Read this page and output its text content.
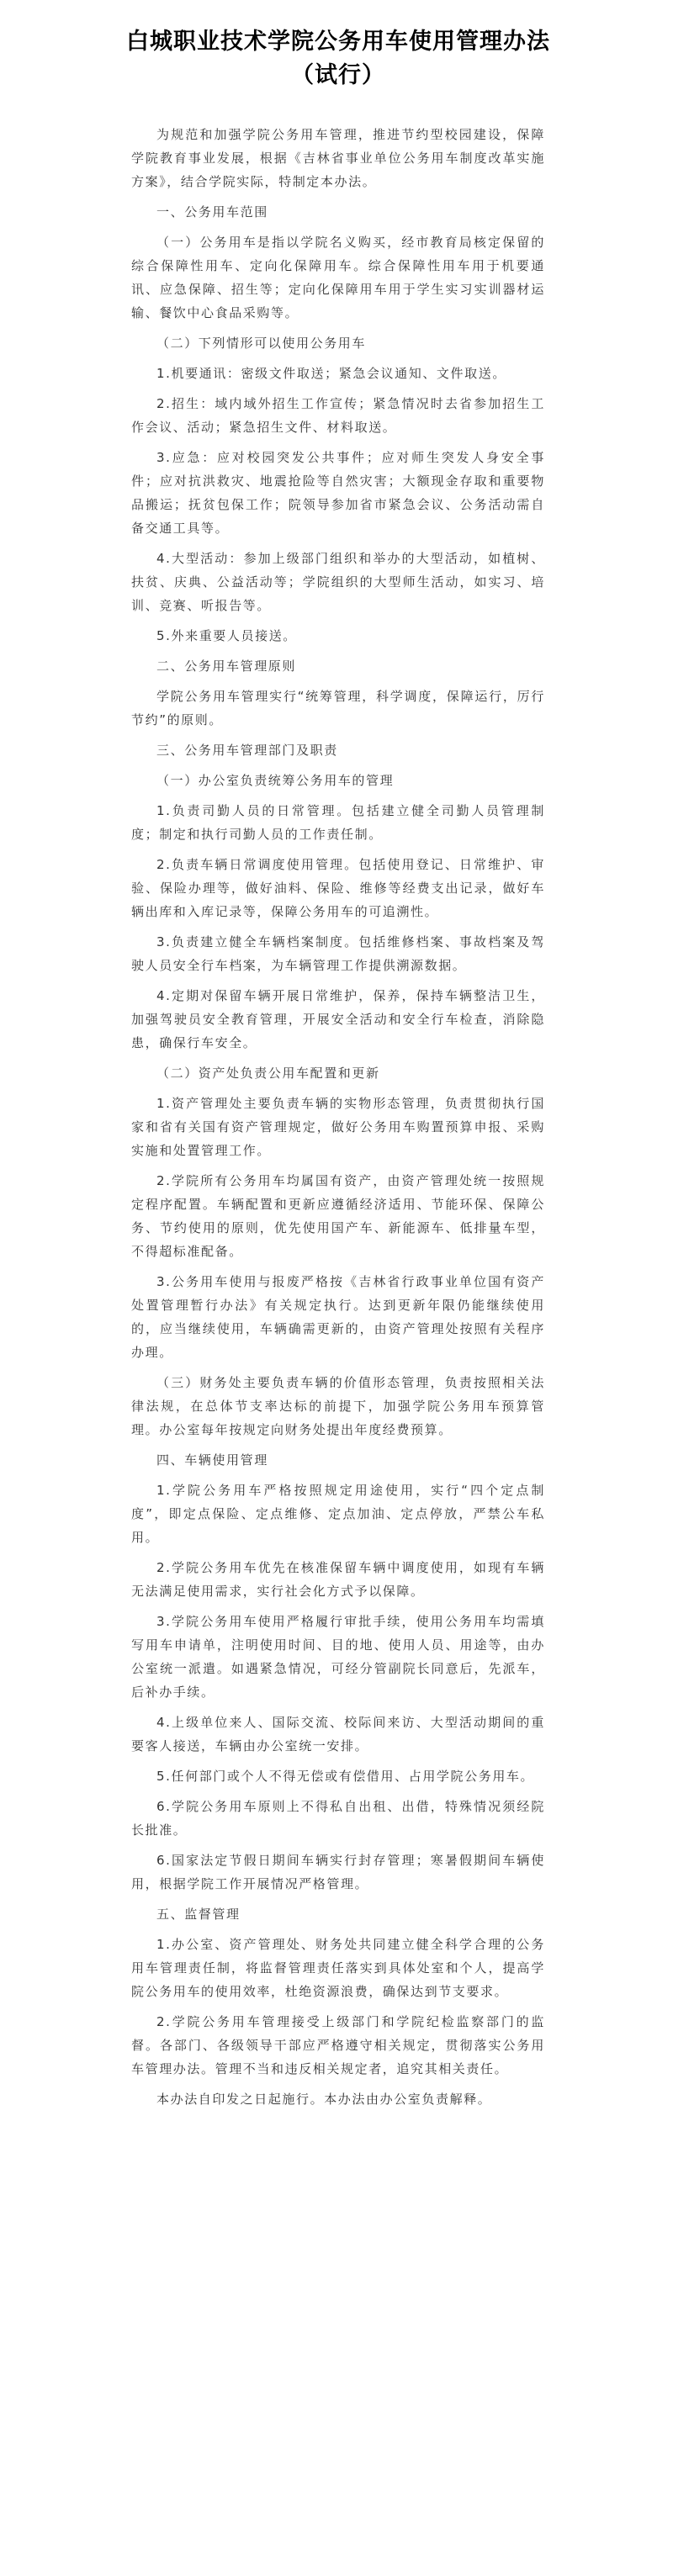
白城职业技术学院公务用车使用管理办法
（试行）

为规范和加强学院公务用车管理，推进节约型校园建设，保障学院教育事业发展，根据《吉林省事业单位公务用车制度改革实施方案》，结合学院实际，特制定本办法。

一、公务用车范围

（一）公务用车是指以学院名义购买，经市教育局核定保留的综合保障性用车、定向化保障用车。综合保障性用车用于机要通讯、应急保障、招生等；定向化保障用车用于学生实习实训器材运输、餐饮中心食品采购等。

（二）下列情形可以使用公务用车

1.机要通讯：密级文件取送；紧急会议通知、文件取送。

2.招生：域内域外招生工作宣传；紧急情况时去省参加招生工作会议、活动；紧急招生文件、材料取送。

3.应急：应对校园突发公共事件；应对师生突发人身安全事件；应对抗洪救灾、地震抢险等自然灾害；大额现金存取和重要物品搬运；抚贫包保工作；院领导参加省市紧急会议、公务活动需自备交通工具等。

4.大型活动：参加上级部门组织和举办的大型活动，如植树、扶贫、庆典、公益活动等；学院组织的大型师生活动，如实习、培训、竞赛、听报告等。

5.外来重要人员接送。

二、公务用车管理原则

学院公务用车管理实行“统筹管理，科学调度，保障运行，厉行节约”的原则。

三、公务用车管理部门及职责

（一）办公室负责统筹公务用车的管理

1.负责司勤人员的日常管理。包括建立健全司勤人员管理制度；制定和执行司勤人员的工作责任制。

2.负责车辆日常调度使用管理。包括使用登记、日常维护、审验、保险办理等，做好油料、保险、维修等经费支出记录，做好车辆出库和入库记录等，保障公务用车的可追溯性。

3.负责建立健全车辆档案制度。包括维修档案、事故档案及驾驶人员安全行车档案，为车辆管理工作提供溯源数据。

4.定期对保留车辆开展日常维护，保养，保持车辆整洁卫生，加强驾驶员安全教育管理，开展安全活动和安全行车检查，消除隐患，确保行车安全。

（二）资产处负责公用车配置和更新

1.资产管理处主要负责车辆的实物形态管理，负责贯彻执行国家和省有关国有资产管理规定，做好公务用车购置预算申报、采购实施和处置管理工作。

2.学院所有公务用车均属国有资产，由资产管理处统一按照规定程序配置。车辆配置和更新应遵循经济适用、节能环保、保障公务、节约使用的原则，优先使用国产车、新能源车、低排量车型，不得超标准配备。

3.公务用车使用与报废严格按《吉林省行政事业单位国有资产处置管理暂行办法》有关规定执行。达到更新年限仍能继续使用的，应当继续使用，车辆确需更新的，由资产管理处按照有关程序办理。

（三）财务处主要负责车辆的价值形态管理，负责按照相关法律法规，在总体节支率达标的前提下，加强学院公务用车预算管理。办公室每年按规定向财务处提出年度经费预算。

四、车辆使用管理

1.学院公务用车严格按照规定用途使用，实行“四个定点制度”，即定点保险、定点维修、定点加油、定点停放，严禁公车私用。

2.学院公务用车优先在核准保留车辆中调度使用，如现有车辆无法满足使用需求，实行社会化方式予以保障。

3.学院公务用车使用严格履行审批手续，使用公务用车均需填写用车申请单，注明使用时间、目的地、使用人员、用途等，由办公室统一派遣。如遇紧急情况，可经分管副院长同意后，先派车，后补办手续。

4.上级单位来人、国际交流、校际间来访、大型活动期间的重要客人接送，车辆由办公室统一安排。

5.任何部门或个人不得无偿或有偿借用、占用学院公务用车。

6.学院公务用车原则上不得私自出租、出借，特殊情况须经院长批准。

6.国家法定节假日期间车辆实行封存管理；寒暑假期间车辆使用，根据学院工作开展情况严格管理。

五、监督管理

1.办公室、资产管理处、财务处共同建立健全科学合理的公务用车管理责任制，将监督管理责任落实到具体处室和个人，提高学院公务用车的使用效率，杜绝资源浪费，确保达到节支要求。

2.学院公务用车管理接受上级部门和学院纪检监察部门的监督。各部门、各级领导干部应严格遵守相关规定，贯彻落实公务用车管理办法。管理不当和违反相关规定者，追究其相关责任。

本办法自印发之日起施行。本办法由办公室负责解释。
